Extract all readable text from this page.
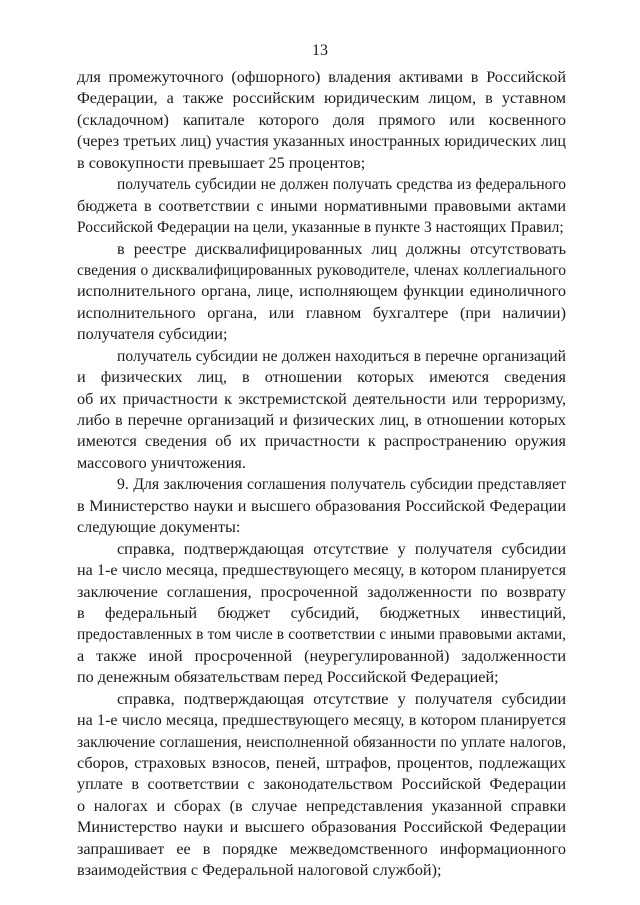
13
для промежуточного (офшорного) владения активами в Российской
Федерации, а также российским юридическим лицом, в уставном
(складочном) капитале которого доля прямого или косвенного
(через третьих лиц) участия указанных иностранных юридических лиц
в совокупности превышает 25 процентов;
получатель субсидии не должен получать средства из федерального
бюджета в соответствии с иными нормативными правовыми актами
Российской Федерации на цели, указанные в пункте 3 настоящих Правил;
в реестре дисквалифицированных лиц должны отсутствовать
сведения о дисквалифицированных руководителе, членах коллегиального
исполнительного органа, лице, исполняющем функции единоличного
исполнительного органа, или главном бухгалтере (при наличии)
получателя субсидии;
получатель субсидии не должен находиться в перечне организаций
и физических лиц, в отношении которых имеются сведения
об их причастности к экстремистской деятельности или терроризму,
либо в перечне организаций и физических лиц, в отношении которых
имеются сведения об их причастности к распространению оружия
массового уничтожения.
9. Для заключения соглашения получатель субсидии представляет
в Министерство науки и высшего образования Российской Федерации
следующие документы:
справка, подтверждающая отсутствие у получателя субсидии
на 1-е число месяца, предшествующего месяцу, в котором планируется
заключение соглашения, просроченной задолженности по возврату
в федеральный бюджет субсидий, бюджетных инвестиций,
предоставленных в том числе в соответствии с иными правовыми актами,
а также иной просроченной (неурегулированной) задолженности
по денежным обязательствам перед Российской Федерацией;
справка, подтверждающая отсутствие у получателя субсидии
на 1-е число месяца, предшествующего месяцу, в котором планируется
заключение соглашения, неисполненной обязанности по уплате налогов,
сборов, страховых взносов, пеней, штрафов, процентов, подлежащих
уплате в соответствии с законодательством Российской Федерации
о налогах и сборах (в случае непредставления указанной справки
Министерство науки и высшего образования Российской Федерации
запрашивает ее в порядке межведомственного информационного
взаимодействия с Федеральной налоговой службой);
